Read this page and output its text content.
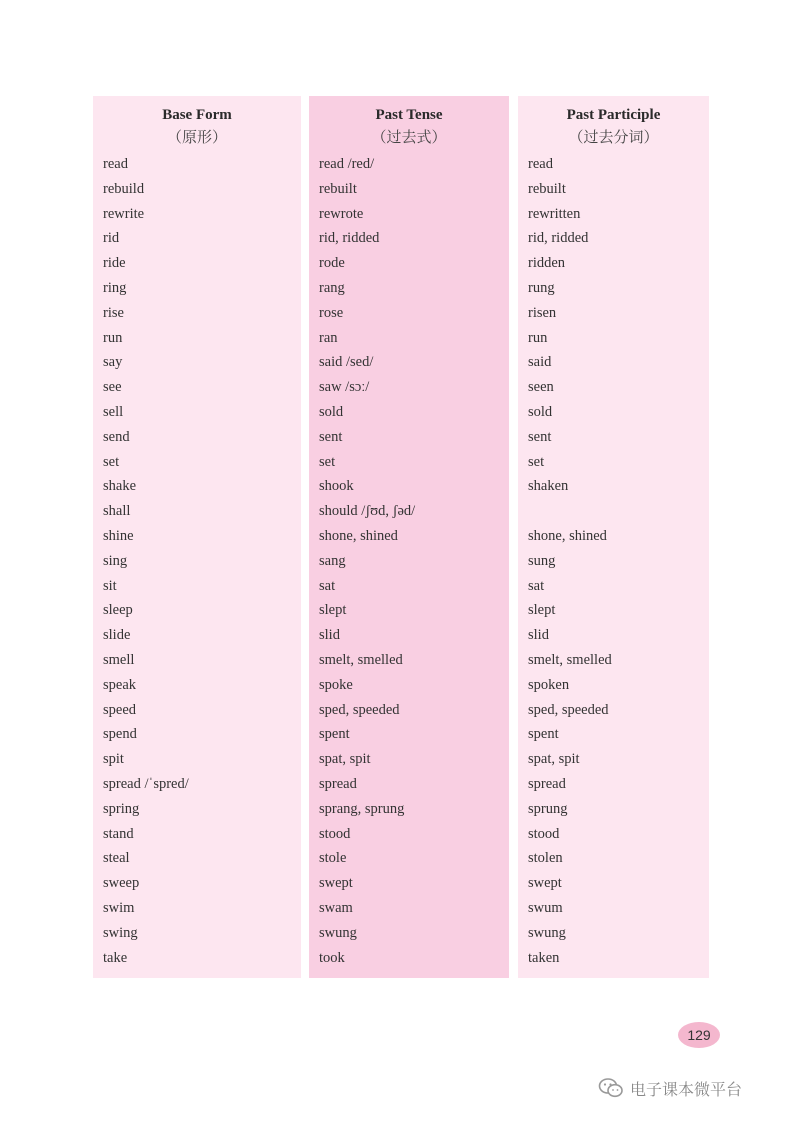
Base Form
（原形）
read
rebuild
rewrite
rid
ride
ring
rise
run
say
see
sell
send
set
shake
shall
shine
sing
sit
sleep
slide
smell
speak
speed
spend
spit
spread /ˈspred/
spring
stand
steal
sweep
swim
swing
take
Past Tense
（过去式）
read /red/
rebuilt
rewrote
rid, ridded
rode
rang
rose
ran
said /sed/
saw /sɔː/
sold
sent
set
shook
should /ʃʊd, ʃəd/
shone, shined
sang
sat
slept
slid
smelt, smelled
spoke
sped, speeded
spent
spat, spit
spread
sprang, sprung
stood
stole
swept
swam
swung
took
Past Participle
（过去分词）
read
rebuilt
rewritten
rid, ridded
ridden
rung
risen
run
said
seen
sold
sent
set
shaken
shone, shined
sung
sat
slept
slid
smelt, smelled
spoken
sped, speeded
spent
spat, spit
spread
sprung
stood
stolen
swept
swum
swung
taken
129
电子课本微平台
